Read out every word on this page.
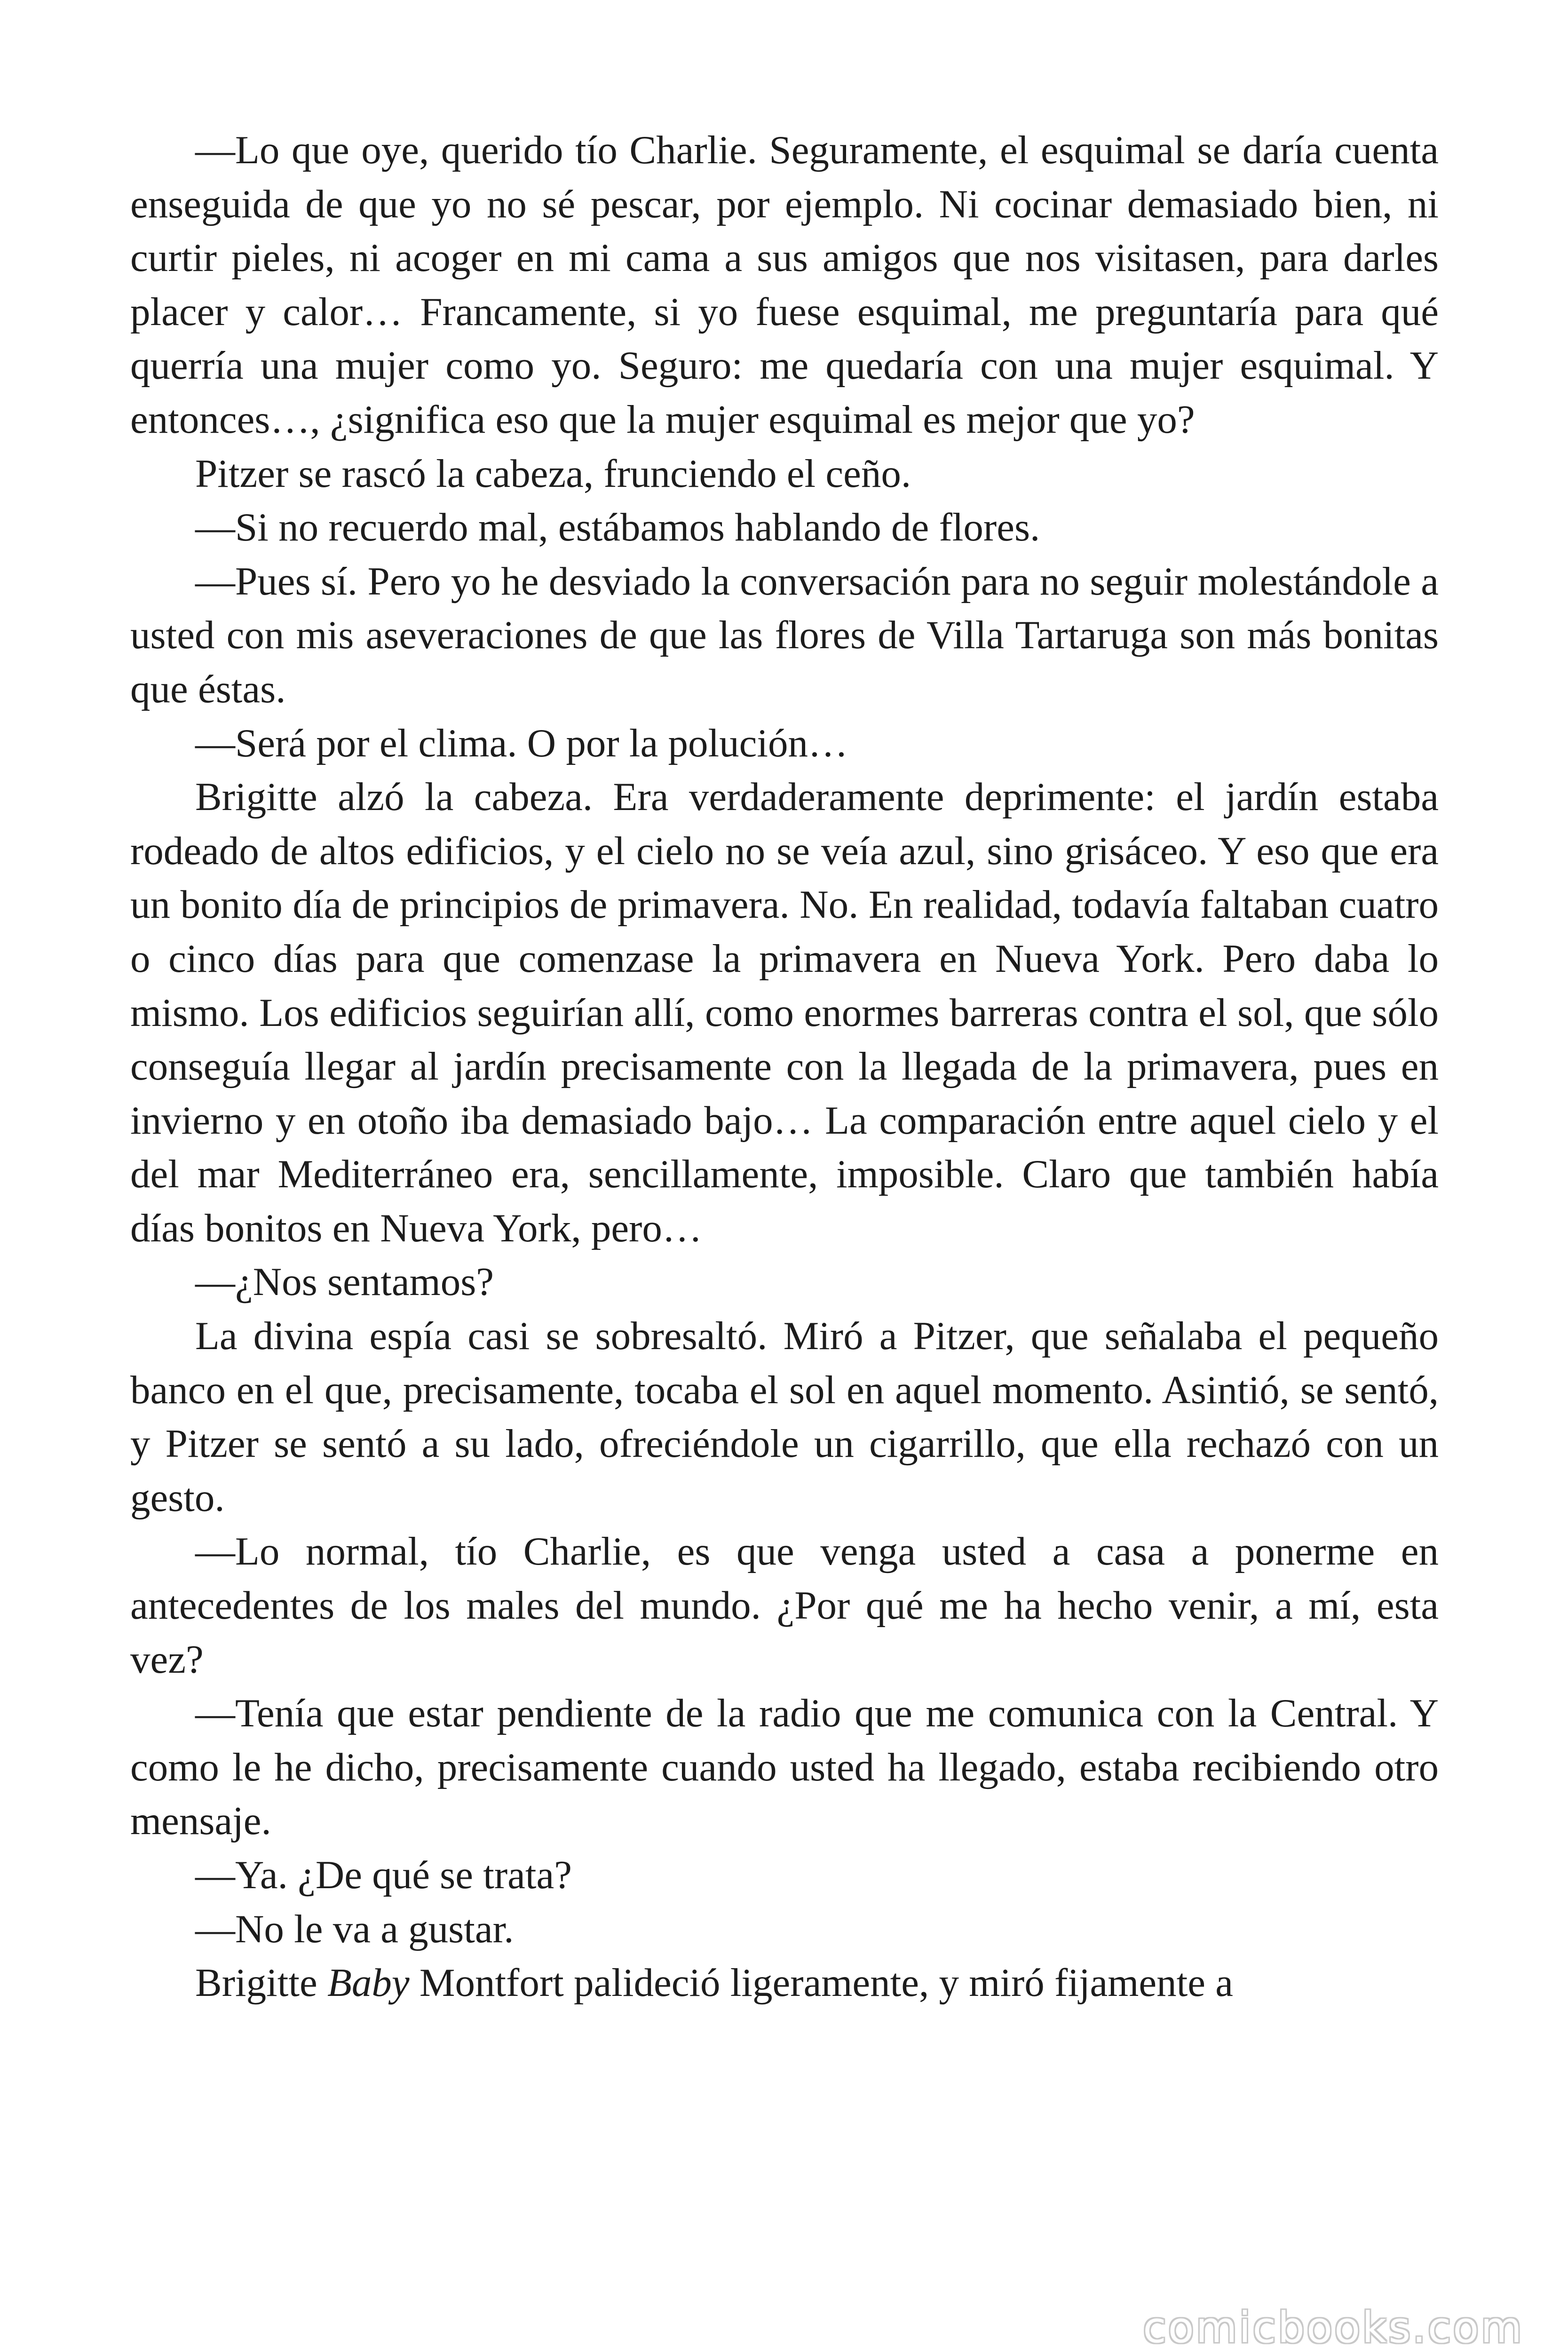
—Lo que oye, querido tío Charlie. Seguramente, el esquimal se daría cuenta enseguida de que yo no sé pescar, por ejemplo. Ni cocinar demasiado bien, ni curtir pieles, ni acoger en mi cama a sus amigos que nos visitasen, para darles placer y calor… Francamente, si yo fuese esquimal, me preguntaría para qué querría una mujer como yo. Seguro: me quedaría con una mujer esquimal. Y entonces…, ¿significa eso que la mujer esquimal es mejor que yo?

Pitzer se rascó la cabeza, frunciendo el ceño.

—Si no recuerdo mal, estábamos hablando de flores.

—Pues sí. Pero yo he desviado la conversación para no seguir molestándole a usted con mis aseveraciones de que las flores de Villa Tartaruga son más bonitas que éstas.

—Será por el clima. O por la polución…

Brigitte alzó la cabeza. Era verdaderamente deprimente: el jardín estaba rodeado de altos edificios, y el cielo no se veía azul, sino grisáceo. Y eso que era un bonito día de principios de primavera. No. En realidad, todavía faltaban cuatro o cinco días para que comenzase la primavera en Nueva York. Pero daba lo mismo. Los edificios seguirían allí, como enormes barreras contra el sol, que sólo conseguía llegar al jardín precisamente con la llegada de la primavera, pues en invierno y en otoño iba demasiado bajo… La comparación entre aquel cielo y el del mar Mediterráneo era, sencillamente, imposible. Claro que también había días bonitos en Nueva York, pero…

—¿Nos sentamos?

La divina espía casi se sobresaltó. Miró a Pitzer, que señalaba el pequeño banco en el que, precisamente, tocaba el sol en aquel momento. Asintió, se sentó, y Pitzer se sentó a su lado, ofreciéndole un cigarrillo, que ella rechazó con un gesto.

—Lo normal, tío Charlie, es que venga usted a casa a ponerme en antecedentes de los males del mundo. ¿Por qué me ha hecho venir, a mí, esta vez?

—Tenía que estar pendiente de la radio que me comunica con la Central. Y como le he dicho, precisamente cuando usted ha llegado, estaba recibiendo otro mensaje.

—Ya. ¿De qué se trata?

—No le va a gustar.

Brigitte Baby Montfort palideció ligeramente, y miró fijamente a

comicbooks.com
